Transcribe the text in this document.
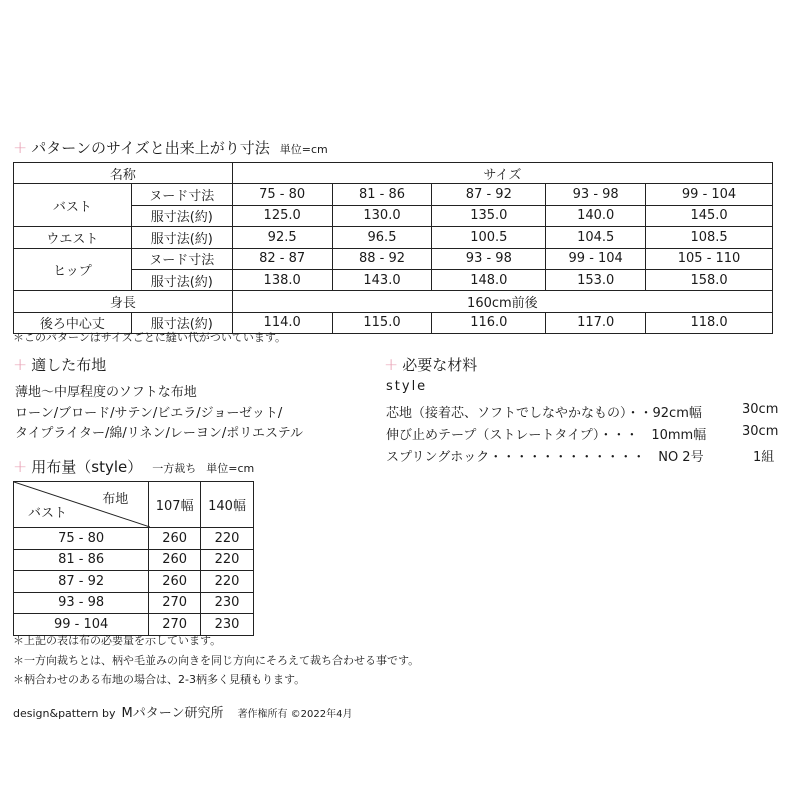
+ パターンのサイズと出来上がり寸法 単位=cm
名称		サイズ				
バスト	ヌード寸法	75 - 80	81 - 86	87 - 92	93 - 98	99 - 104
	服寸法(約)	125.0	130.0	135.0	140.0	145.0
ウエスト	服寸法(約)	92.5	96.5	100.5	104.5	108.5
ヒップ	ヌード寸法	82 - 87	88 - 92	93 - 98	99 - 104	105 - 110
	服寸法(約)	138.0	143.0	148.0	153.0	158.0
身長		160cm前後				
後ろ中心丈	服寸法(約)	114.0	115.0	116.0	117.0	118.0
＊このパターンはサイズごとに縫い代がついています。
+ 適した布地
薄地〜中厚程度のソフトな布地
ローン/ブロード/サテン/ビエラ/ジョーゼット/
タイプライター/綿/リネン/レーヨン/ポリエステル
+ 必要な材料
style
芯地（接着芯、ソフトでしなやかなもの）・・92cm幅	30cm
伸び止めテープ（ストレートタイプ）・・・　10mm幅	30cm
スプリングホック・・・・・・・・・・・・　NO 2号	1組
+ 用布量（style） 一方裁ち 単位=cm
布地
バスト	107幅	140幅
75 - 80	260	220
81 - 86	260	220
87 - 92	260	220
93 - 98	270	230
99 - 104	270	230
＊上記の表は布の必要量を示しています。
＊一方向裁ちとは、柄や毛並みの向きを同じ方向にそろえて裁ち合わせる事です。
＊柄合わせのある布地の場合は、2-3柄多く見積もります。
design&pattern by Mパターン研究所 著作権所有 ©2022年4月
